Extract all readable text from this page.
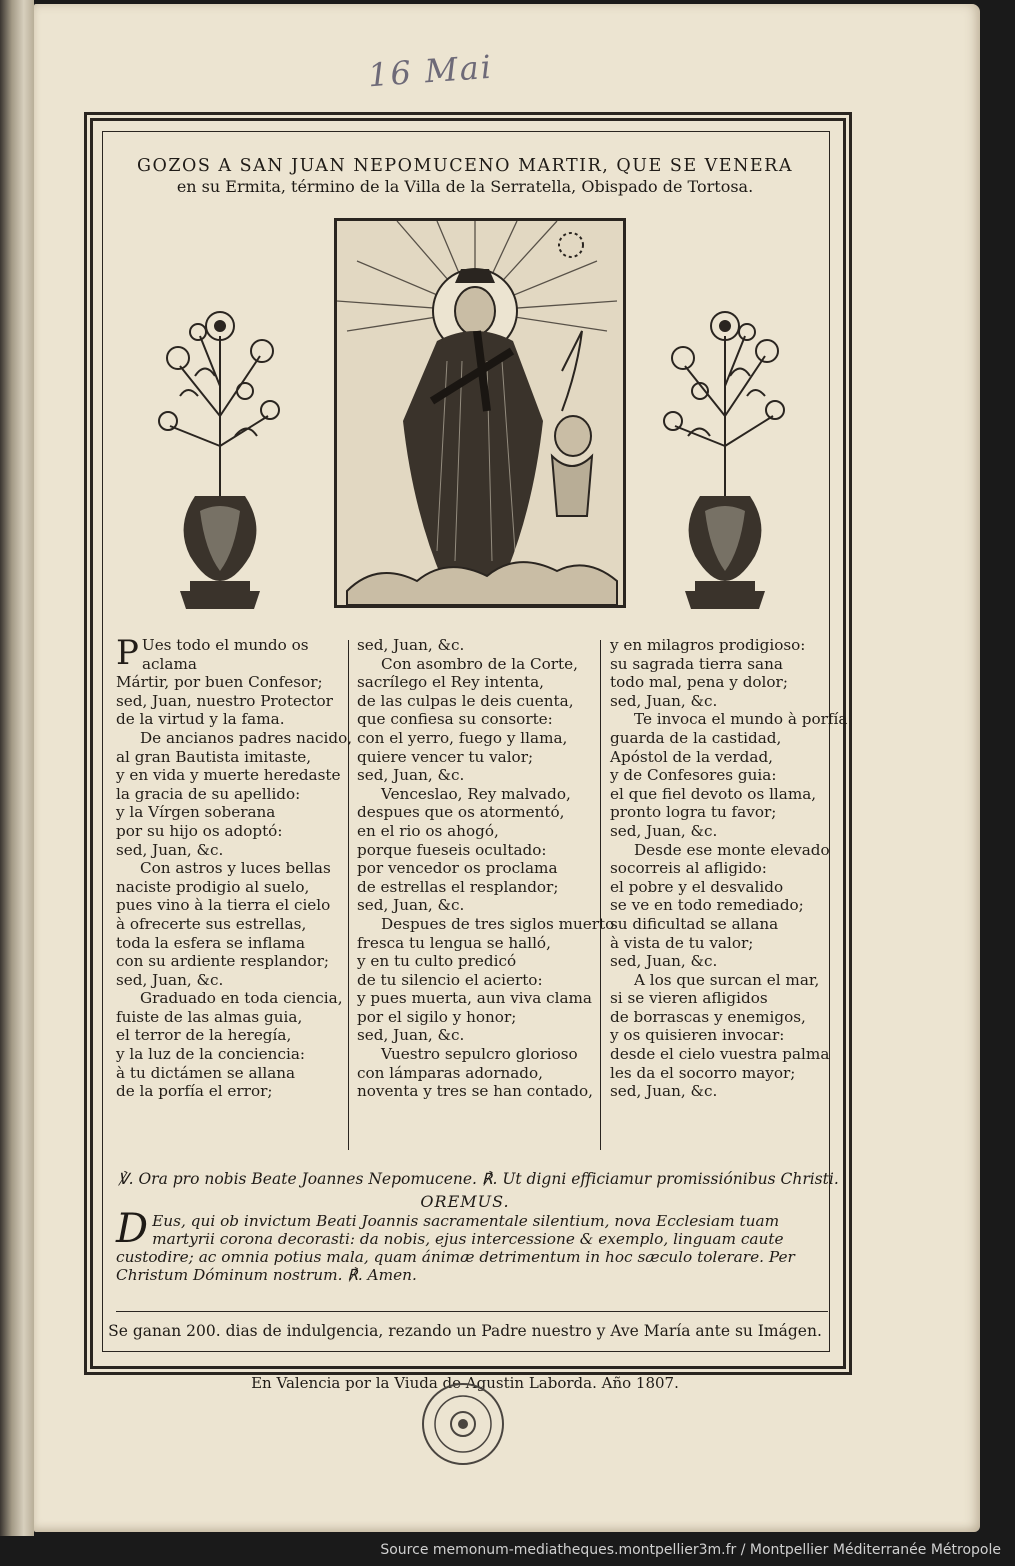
16 Mai
GOZOS A SAN JUAN NEPOMUCENO MARTIR, QUE SE VENERA
en su Ermita, término de la Villa de la Serratella, Obispado de Tortosa.
P Ues todo el mundo os
aclama
Mártir, por buen Confesor;
sed, Juan, nuestro Protector
de la virtud y la fama.
De ancianos padres nacido,
al gran Bautista imitaste,
y en vida y muerte heredaste
la gracia de su apellido:
y la Vírgen soberana
por su hijo os adoptó:
sed, Juan, &c.
Con astros y luces bellas
naciste prodigio al suelo,
pues vino à la tierra el cielo
à ofrecerte sus estrellas,
toda la esfera se inflama
con su ardiente resplandor;
sed, Juan, &c.
Graduado en toda ciencia,
fuiste de las almas guia,
el terror de la heregía,
y la luz de la conciencia:
à tu dictámen se allana
de la porfía el error;
sed, Juan, &c.
Con asombro de la Corte,
sacrílego el Rey intenta,
de las culpas le deis cuenta,
que confiesa su consorte:
con el yerro, fuego y llama,
quiere vencer tu valor;
sed, Juan, &c.
Venceslao, Rey malvado,
despues que os atormentó,
en el rio os ahogó,
porque fueseis ocultado:
por vencedor os proclama
de estrellas el resplandor;
sed, Juan, &c.
Despues de tres siglos muerto
fresca tu lengua se halló,
y en tu culto predicó
de tu silencio el acierto:
y pues muerta, aun viva clama
por el sigilo y honor;
sed, Juan, &c.
Vuestro sepulcro glorioso
con lámparas adornado,
noventa y tres se han contado,
y en milagros prodigioso:
su sagrada tierra sana
todo mal, pena y dolor;
sed, Juan, &c.
Te invoca el mundo à porfía
guarda de la castidad,
Apóstol de la verdad,
y de Confesores guia:
el que fiel devoto os llama,
pronto logra tu favor;
sed, Juan, &c.
Desde ese monte elevado
socorreis al afligido:
el pobre y el desvalido
se ve en todo remediado;
su dificultad se allana
à vista de tu valor;
sed, Juan, &c.
A los que surcan el mar,
si se vieren afligidos
de borrascas y enemigos,
y os quisieren invocar:
desde el cielo vuestra palma
les da el socorro mayor;
sed, Juan, &c.
℣. Ora pro nobis Beate Joannes Nepomucene. ℟. Ut digni efficiamur promissiónibus Christi.
OREMUS.
D Eus, qui ob invictum Beati Joannis sacramentale silentium, nova Ecclesiam tuam martyrii corona decorasti: da nobis, ejus intercessione & exemplo, linguam caute custodire; ac omnia potius mala, quam ánimæ detrimentum in hoc sæculo tolerare. Per Christum Dóminum nostrum. ℟. Amen.
Se ganan 200. dias de indulgencia, rezando un Padre nuestro y Ave María ante su Imágen.
En Valencia por la Viuda de Agustin Laborda. Año 1807.
Source memonum-mediatheques.montpellier3m.fr / Montpellier Méditerranée Métropole
